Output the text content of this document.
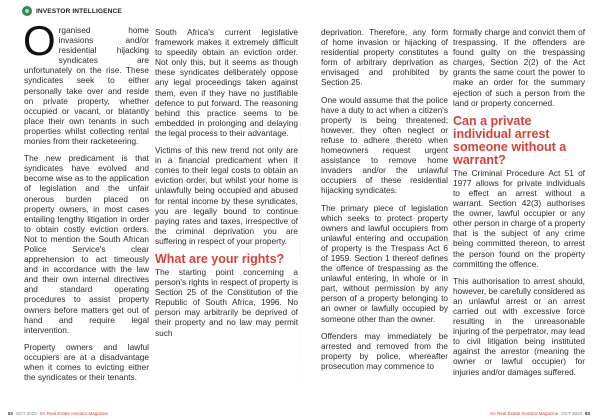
INVESTOR INTELLIGENCE

Organised home invasions and/or residential hijacking syndicates are unfortunately on the rise. These syndicates seek to either personally take over and reside on private property, whether occupied or vacant, or blatantly place their own tenants in such properties whilst collecting rental monies from their racketeering.

The new predicament is that syndicates have evolved and become wise as to the application of legislation and the unfair onerous burden placed on property owners, in most cases entailing lengthy litigation in order to obtain costly eviction orders. Not to mention the South African Police Service's clear apprehension to act timeously and in accordance with the law and their own internal directives and standard operating procedures to assist property owners before matters get out of hand and require legal intervention.

Property owners and lawful occupiers are at a disadvantage when it comes to evicting either the syndicates or their tenants.

South Africa's current legislative framework makes it extremely difficult to speedily obtain an eviction order. Not only this, but it seems as though these syndicates deliberately oppose any legal proceedings taken against them, even if they have no justifiable defence to put forward. The reasoning behind this practice seems to be embedded in prolonging and delaying the legal process to their advantage.

Victims of this new trend not only are in a financial predicament when it comes to their legal costs to obtain an eviction order, but whilst your home is unlawfully being occupied and abused for rental income by these syndicates, you are legally bound to continue paying rates and taxes, irrespective of the criminal deprivation you are suffering in respect of your property.

What are your rights?

The starting point concerning a person's rights in respect of property is Section 25 of the Constitution of the Republic of South Africa, 1996. No person may arbitrarily be deprived of their property and no law may permit such

deprivation. Therefore, any form of home invasion or hijacking of residential property constitutes a form of arbitrary deprivation as envisaged and prohibited by Section 25.

One would assume that the police have a duty to act when a citizen's property is being threatened; however, they often neglect or refuse to adhere thereto when homeowners request urgent assistance to remove home invaders and/or the unlawful occupiers of these residential hijacking syndicates.

The primary piece of legislation which seeks to protect property owners and lawful occupiers from unlawful entering and occupation of property is the Trespass Act 6 of 1959. Section 1 thereof defines the offence of trespassing as the unlawful entering, in whole or in part, without permission by any person of a property belonging to an owner or lawfully occupied by someone other than the owner.

Offenders may immediately be arrested and removed from the property by police, whereafter prosecution may commence to

formally charge and convict them of trespassing. If the offenders are found guilty on the trespassing charges, Section 2(2) of the Act grants the same court the power to make an order for the summary ejection of such a person from the land or property concerned.

Can a private individual arrest someone without a warrant?

The Criminal Procedure Act 51 of 1977 allows for private individuals to effect an arrest without a warrant. Section 42(3) authorises the owner, lawful occupier or any other person in charge of a property that is the subject of any crime being committed thereon, to arrest the person found on the property committing the offence.

This authorisation to arrest should, however, be carefully considered as an unlawful arrest or an arrest carried out with excessive force resulting in the unreasonable injuring of the perpetrator, may lead to civil litigation being instituted against the arrestor (meaning the owner or lawful occupier) for injuries and/or damages suffered.

82 OCT 2022 SA Real Estate Investor Magazine	SA Real Estate Investor Magazine OCT 2022 83
